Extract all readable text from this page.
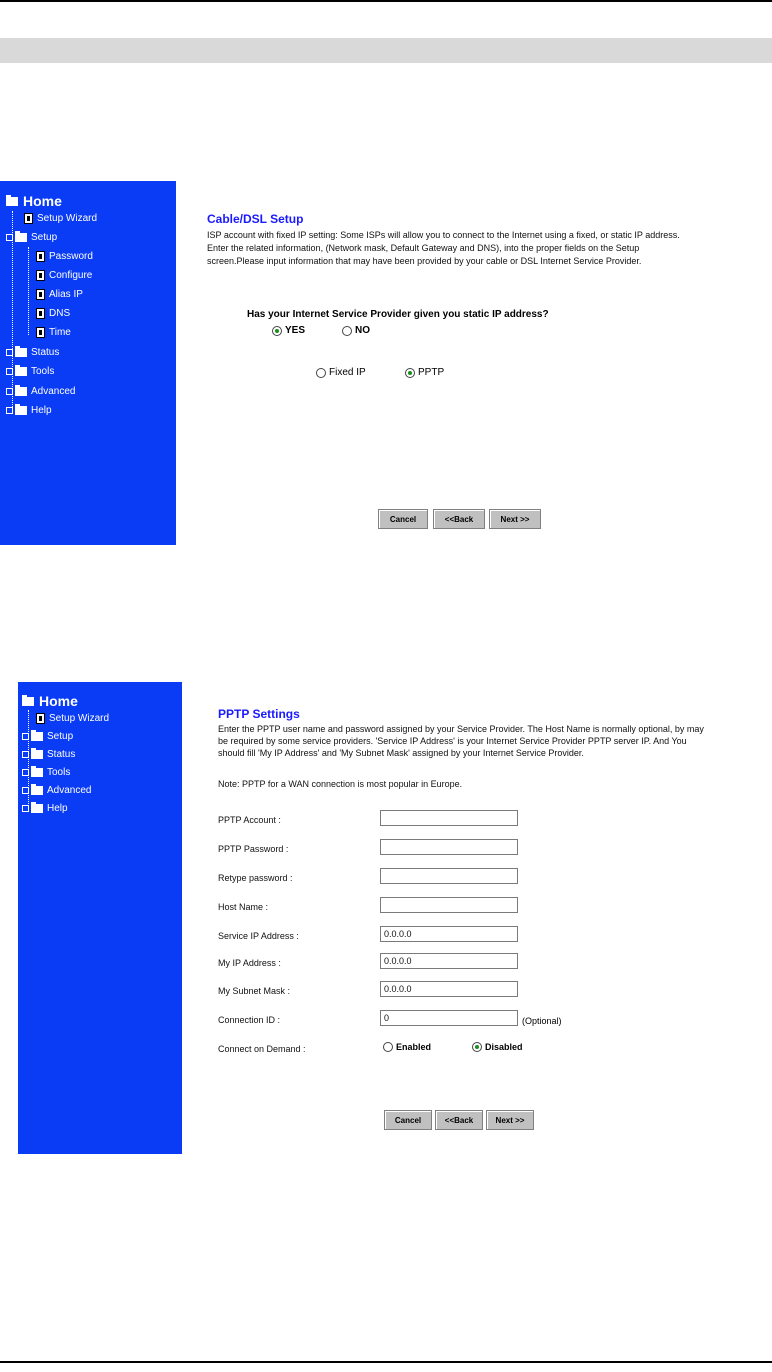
Home
Setup Wizard
Setup
Password
Configure
Alias IP
DNS
Time
Status
Tools
Advanced
Help
Cable/DSL Setup
ISP account with fixed IP setting: Some ISPs will allow you to connect to the Internet using a fixed, or static IP address. Enter the related information, (Network mask, Default Gateway and DNS), into the proper fields on the Setup screen.Please input information that may have been provided by your cable or DSL Internet Service Provider.
Has your Internet Service Provider given you static IP address?
YES	NO
Fixed IP	PPTP
Cancel	<<Back	Next >>
Home
Setup Wizard
Setup
Status
Tools
Advanced
Help
PPTP Settings
Enter the PPTP user name and password assigned by your Service Provider. The Host Name is normally optional, by may be required by some service providers. 'Service IP Address' is your Internet Service Provider PPTP server IP. And You should fill 'My IP Address' and 'My Subnet Mask' assigned by your Internet Service Provider.
Note: PPTP for a WAN connection is most popular in Europe.
PPTP Account :
PPTP Password :
Retype password :
Host Name :
Service IP Address :	0.0.0.0
My IP Address :	0.0.0.0
My Subnet Mask :	0.0.0.0
Connection ID :	0	(Optional)
Connect on Demand :	Enabled	Disabled
Cancel	<<Back	Next >>
